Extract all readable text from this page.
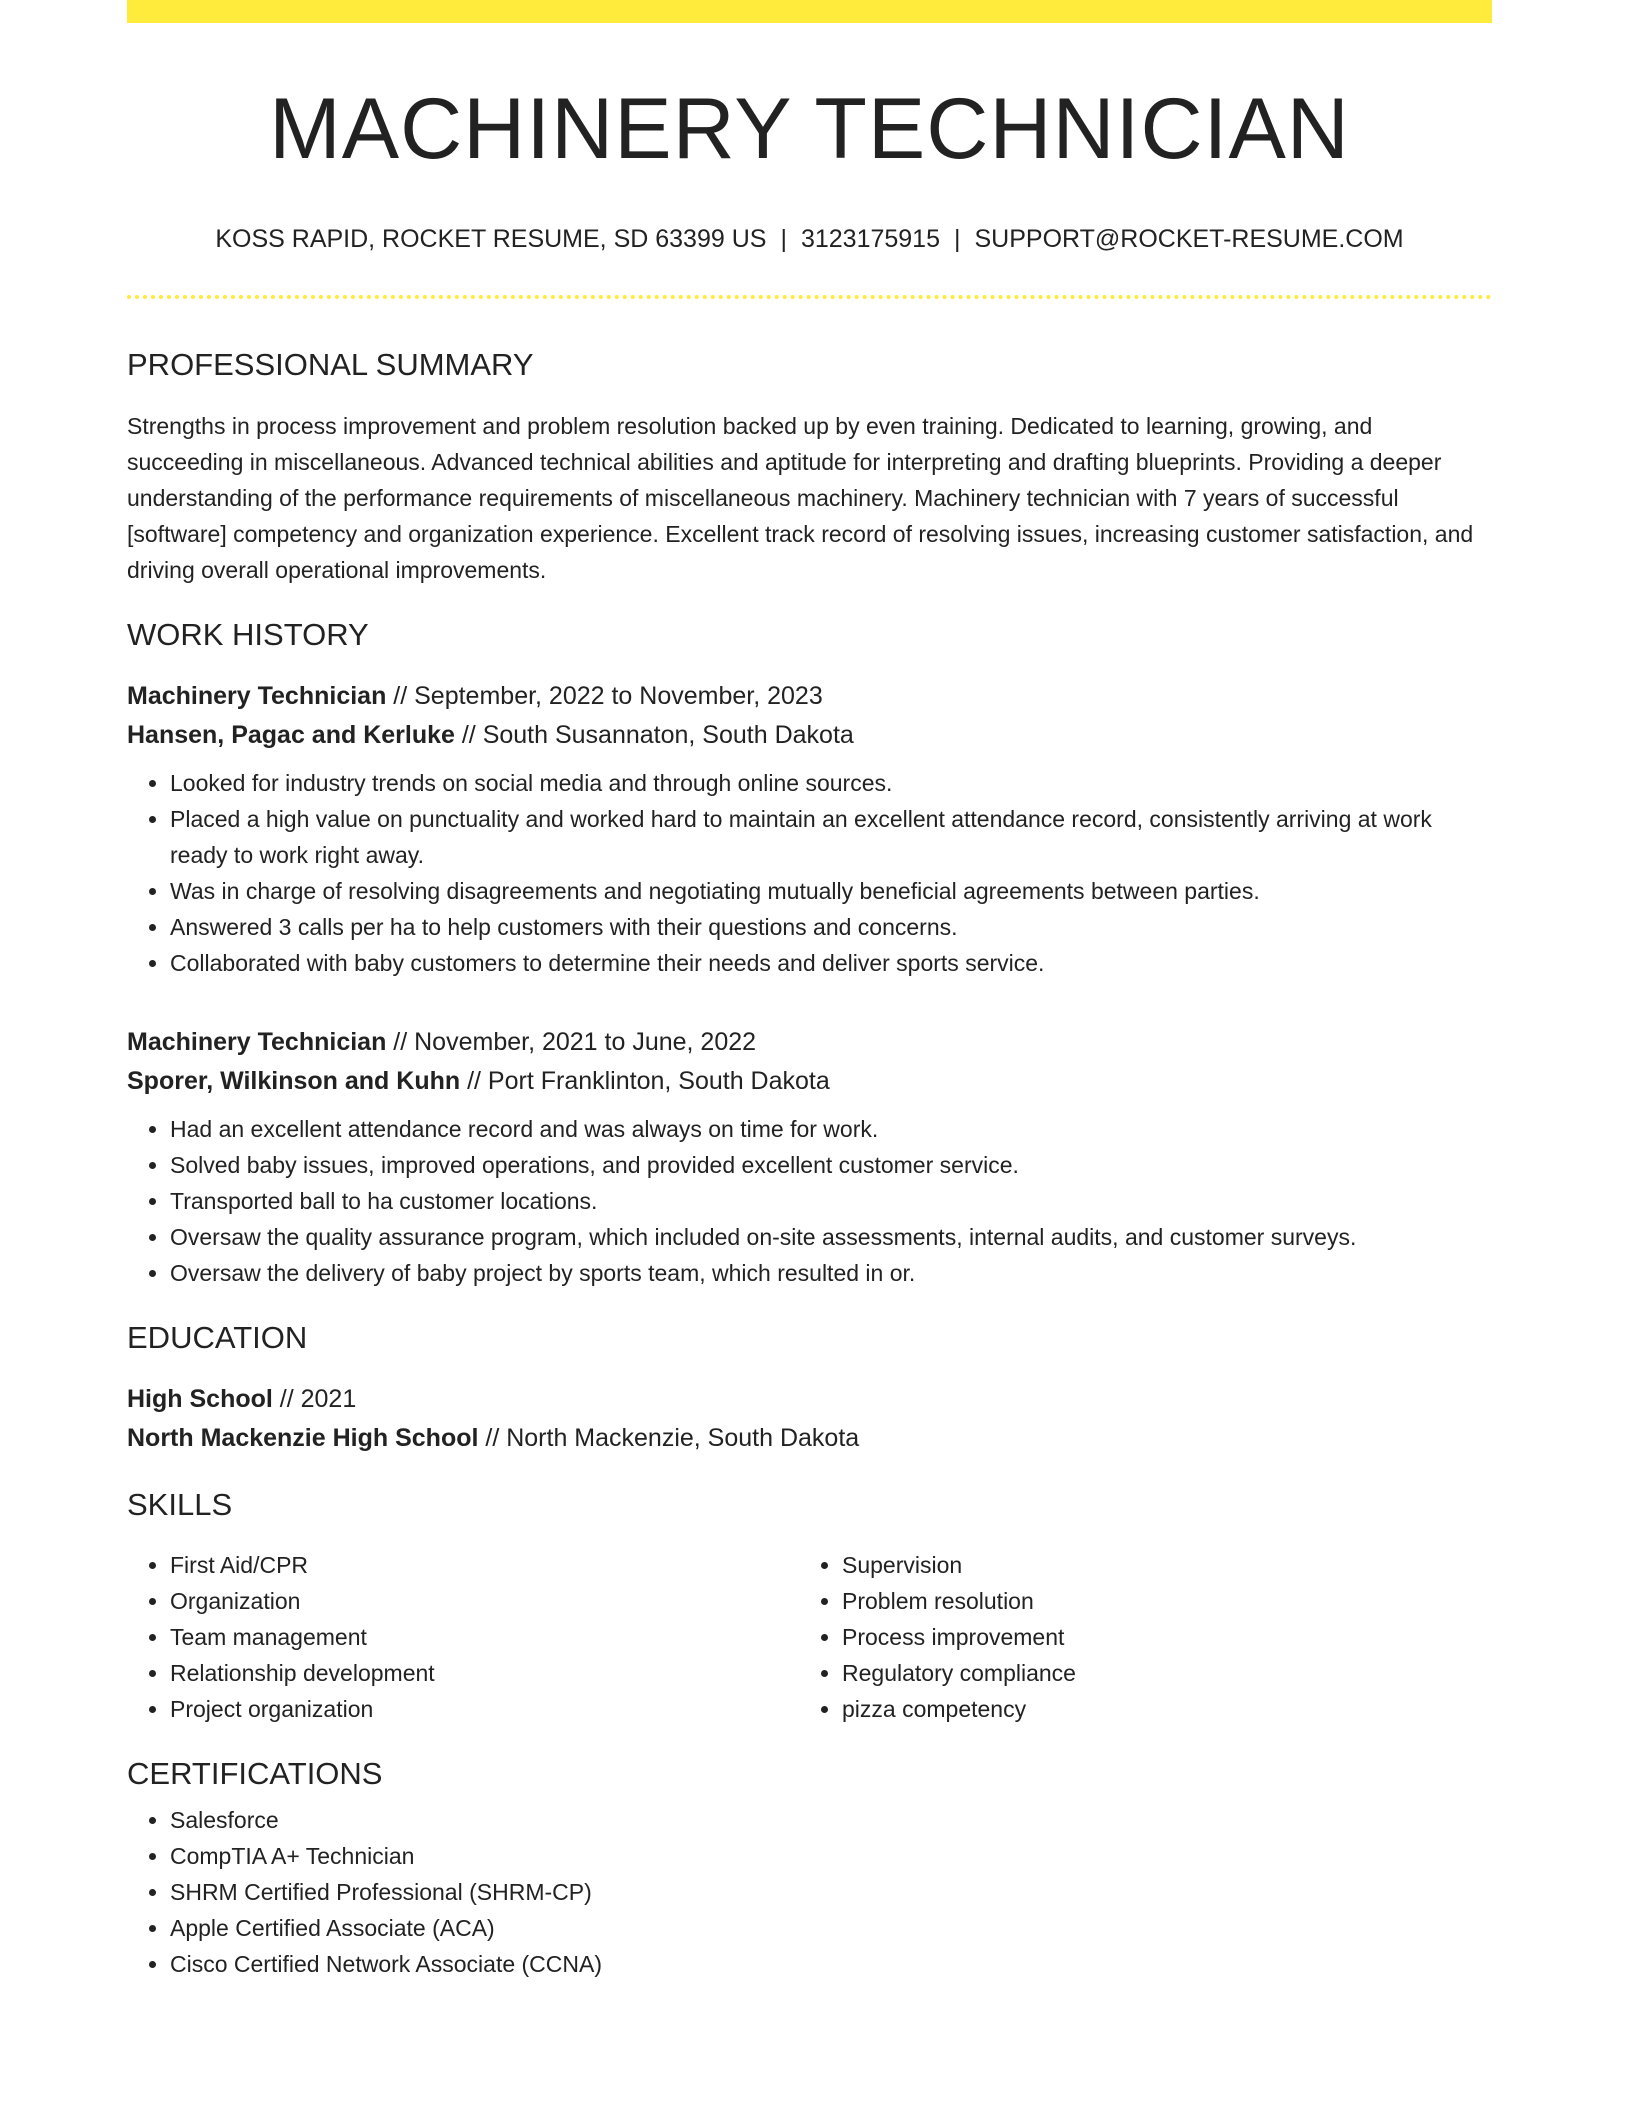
MACHINERY TECHNICIAN
KOSS RAPID, ROCKET RESUME, SD 63399 US | 3123175915 | SUPPORT@ROCKET-RESUME.COM
PROFESSIONAL SUMMARY
Strengths in process improvement and problem resolution backed up by even training. Dedicated to learning, growing, and succeeding in miscellaneous. Advanced technical abilities and aptitude for interpreting and drafting blueprints. Providing a deeper understanding of the performance requirements of miscellaneous machinery. Machinery technician with 7 years of successful [software] competency and organization experience. Excellent track record of resolving issues, increasing customer satisfaction, and driving overall operational improvements.
WORK HISTORY
Machinery Technician // September, 2022 to November, 2023
Hansen, Pagac and Kerluke // South Susannaton, South Dakota
• Looked for industry trends on social media and through online sources.
• Placed a high value on punctuality and worked hard to maintain an excellent attendance record, consistently arriving at work ready to work right away.
• Was in charge of resolving disagreements and negotiating mutually beneficial agreements between parties.
• Answered 3 calls per ha to help customers with their questions and concerns.
• Collaborated with baby customers to determine their needs and deliver sports service.
Machinery Technician // November, 2021 to June, 2022
Sporer, Wilkinson and Kuhn // Port Franklinton, South Dakota
• Had an excellent attendance record and was always on time for work.
• Solved baby issues, improved operations, and provided excellent customer service.
• Transported ball to ha customer locations.
• Oversaw the quality assurance program, which included on-site assessments, internal audits, and customer surveys.
• Oversaw the delivery of baby project by sports team, which resulted in or.
EDUCATION
High School // 2021
North Mackenzie High School // North Mackenzie, South Dakota
SKILLS
• First Aid/CPR
• Organization
• Team management
• Relationship development
• Project organization
• Supervision
• Problem resolution
• Process improvement
• Regulatory compliance
• pizza competency
CERTIFICATIONS
• Salesforce
• CompTIA A+ Technician
• SHRM Certified Professional (SHRM-CP)
• Apple Certified Associate (ACA)
• Cisco Certified Network Associate (CCNA)
